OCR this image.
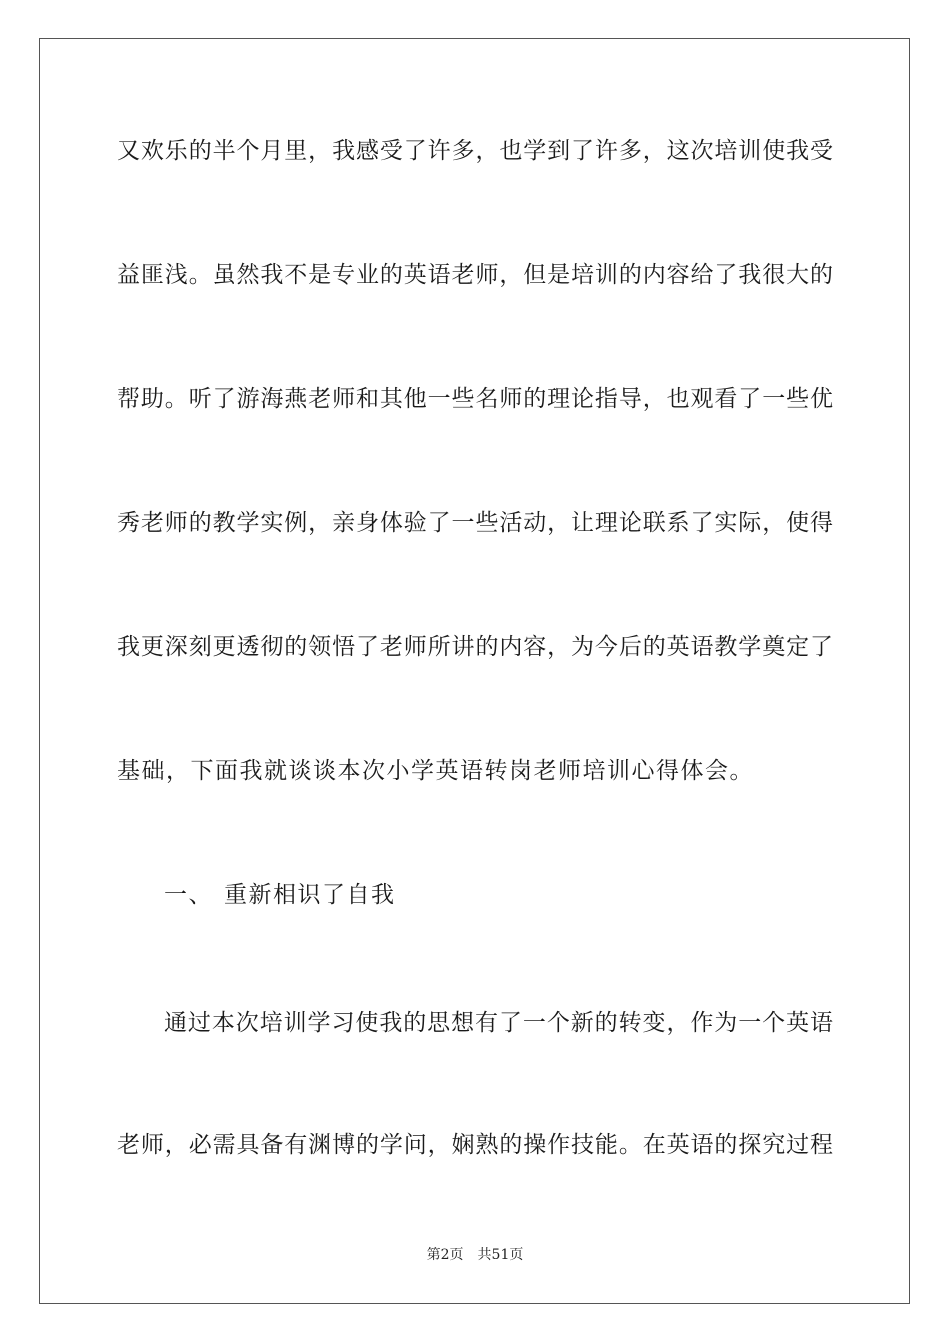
又欢乐的半个月里，我感受了许多，也学到了许多，这次培训使我受
益匪浅。虽然我不是专业的英语老师，但是培训的内容给了我很大的
帮助。听了游海燕老师和其他一些名师的理论指导，也观看了一些优
秀老师的教学实例，亲身体验了一些活动，让理论联系了实际，使得
我更深刻更透彻的领悟了老师所讲的内容，为今后的英语教学奠定了
基础，下面我就谈谈本次小学英语转岗老师培训心得体会。
一、 重新相识了自我
通过本次培训学习使我的思想有了一个新的转变，作为一个英语
老师，必需具备有渊博的学问，娴熟的操作技能。在英语的探究过程
第2页 共51页
